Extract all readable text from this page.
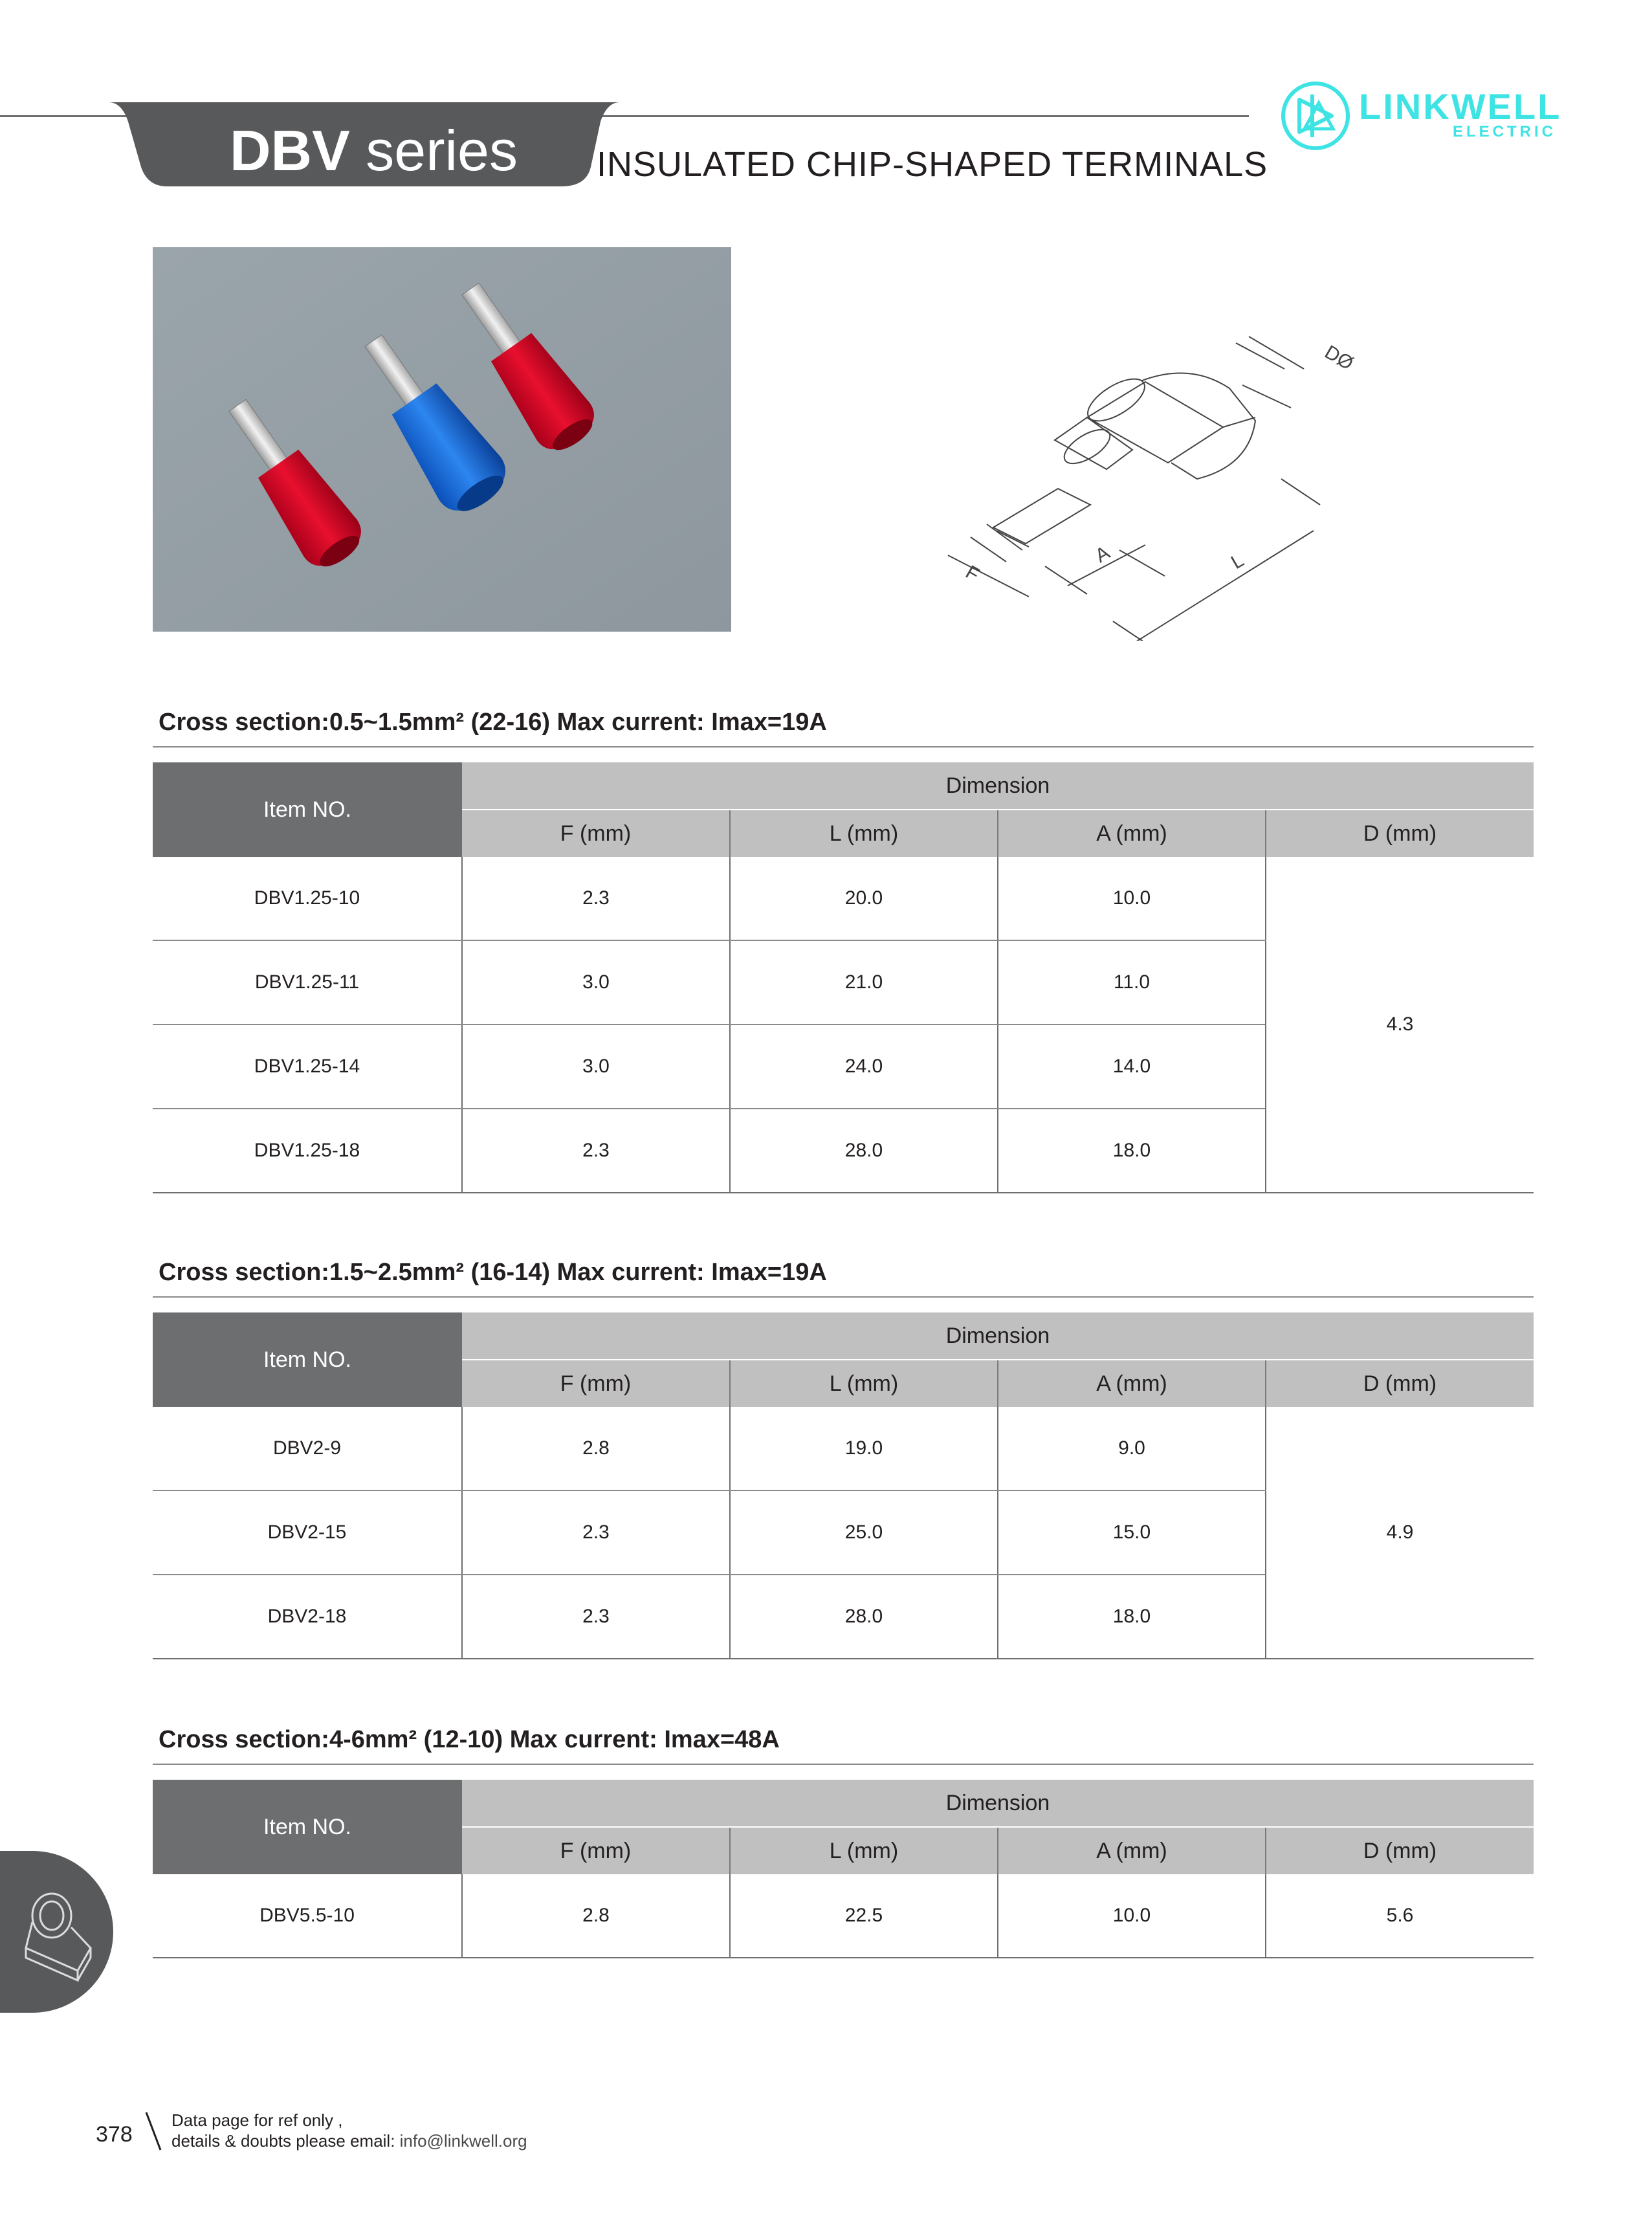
DBV series INSULATED CHIP-SHAPED TERMINALS
LINKWELL
ELECTRIC
DØ
F
A	L
Cross section:0.5~1.5mm² (22-16) Max current: Imax=19A
Item NO.	Dimension			
	F (mm)	L (mm)	A (mm)	D (mm)
DBV1.25-10	2.3	20.0	10.0	4.3
DBV1.25-11	3.0	21.0	11.0	
DBV1.25-14	3.0	24.0	14.0	
DBV1.25-18	2.3	28.0	18.0	
Cross section:1.5~2.5mm² (16-14) Max current: Imax=19A
Item NO.	Dimension			
	F (mm)	L (mm)	A (mm)	D (mm)
DBV2-9	2.8	19.0	9.0	4.9
DBV2-15	2.3	25.0	15.0	
DBV2-18	2.3	28.0	18.0	
Cross section:4-6mm² (12-10) Max current: Imax=48A
Item NO.	Dimension			
	F (mm)	L (mm)	A (mm)	D (mm)
DBV5.5-10	2.8	22.5	10.0	5.6
378
Data page for ref only ,
details & doubts please email: info@linkwell.org
